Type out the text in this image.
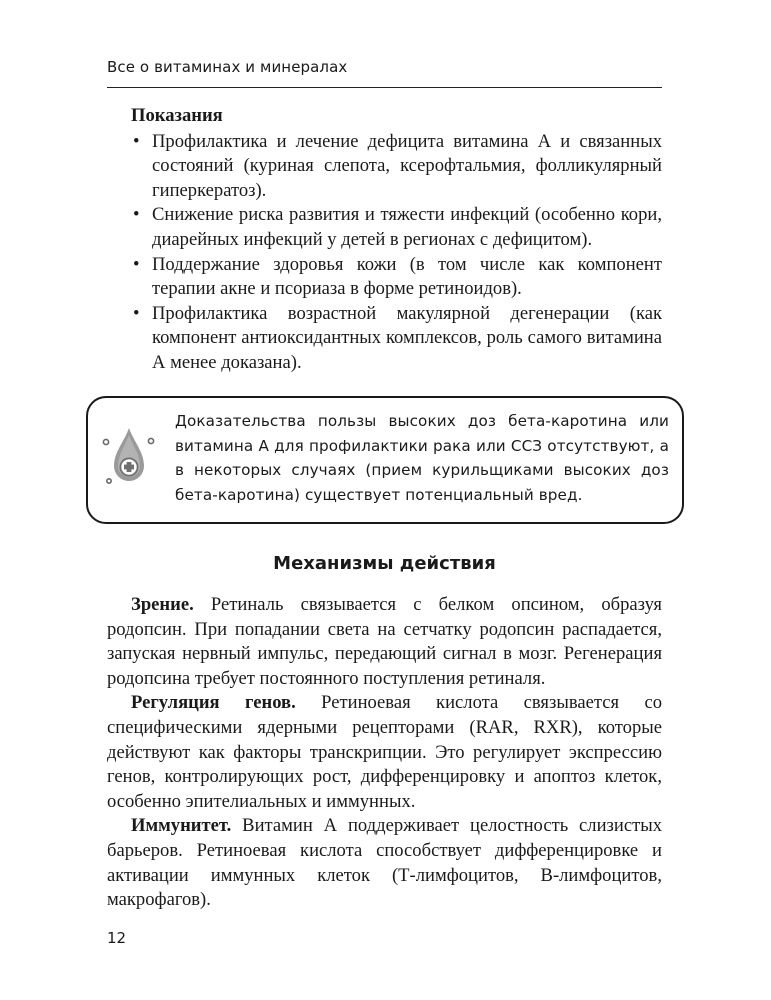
Все о витаминах и минералах
Показания
• Профилактика и лечение дефицита витамина А и связанных состояний (куриная слепота, ксерофтальмия, фолликулярный гиперкератоз).
• Снижение риска развития и тяжести инфекций (особенно кори, диарейных инфекций у детей в регионах с дефицитом).
• Поддержание здоровья кожи (в том числе как компонент терапии акне и псориаза в форме ретиноидов).
• Профилактика возрастной макулярной дегенерации (как компонент антиоксидантных комплексов, роль самого витамина А менее доказана).
Доказательства пользы высоких доз бета-каротина или витамина А для профилактики рака или ССЗ отсутствуют, а в некоторых случаях (прием курильщиками высоких доз бета-каротина) существует потенциальный вред.
Механизмы действия

Зрение. Ретиналь связывается с белком опсином, образуя родопсин. При попадании света на сетчатку родопсин распадается, запуская нервный импульс, передающий сигнал в мозг. Регенерация родопсина требует постоянного поступления ретиналя.

Регуляция генов. Ретиноевая кислота связывается со специфическими ядерными рецепторами (RAR, RXR), которые действуют как факторы транскрипции. Это регулирует экспрессию генов, контролирующих рост, дифференцировку и апоптоз клеток, особенно эпителиальных и иммунных.

Иммунитет. Витамин А поддерживает целостность слизистых барьеров. Ретиноевая кислота способствует дифференцировке и активации иммунных клеток (Т-лимфоцитов, В-лимфоцитов, макрофагов).

12
